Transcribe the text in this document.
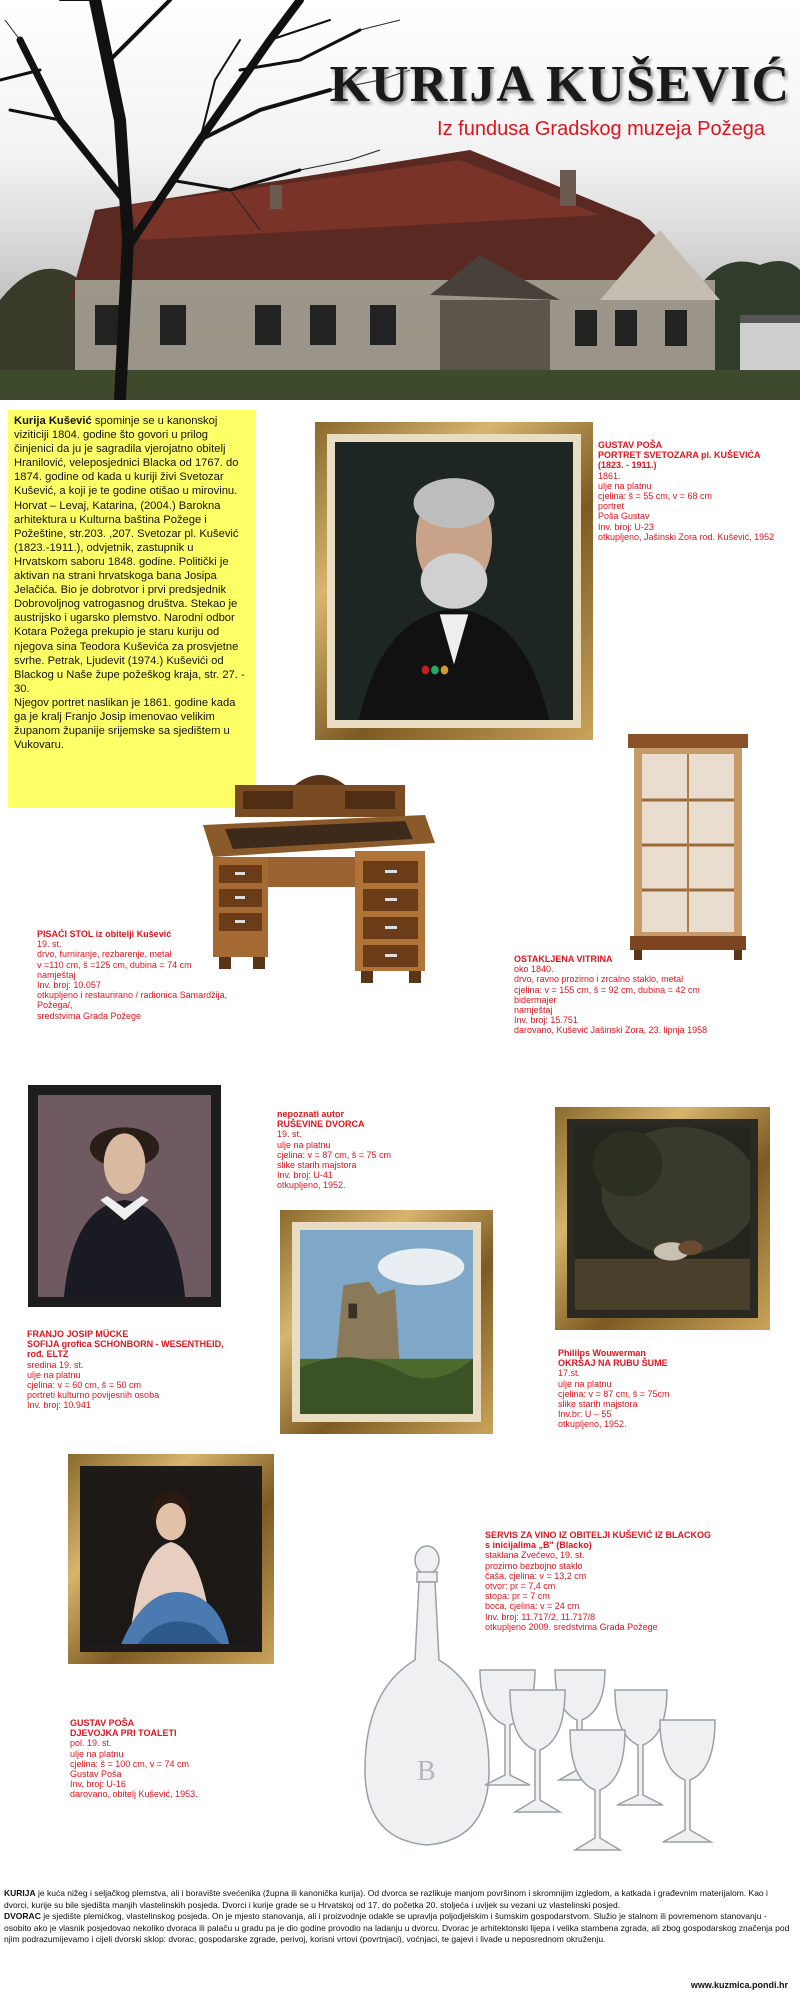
KURIJA KUŠEVIĆ
Iz fundusa Gradskog muzeja Požega
Kurija Kušević spominje se u kanonskoj viziticiji 1804. godine što govori u prilog činjenici da ju je sagradila vjerojatno obitelj Hranilović, veleposjednici Blacka od 1767. do 1874. godine od kada u kuriji živi Svetozar Kušević, a koji je te godine otišao u mirovinu. Horvat – Levaj, Katarina, (2004.) Barokna arhitektura u Kulturna baština Požege i Požeštine, str.203. ,207. Svetozar pl. Kušević (1823.-1911.), odvjetnik, zastupnik u Hrvatskom saboru 1848. godine. Politički je aktivan na strani hrvatskoga bana Josipa Jelačića. Bio je dobrotvor i prvi predsjednik Dobrovoljnog vatrogasnog društva. Stekao je austrijsko i ugarsko plemstvo. Narodni odbor Kotara Požega prekupio je staru kuriju od njegova sina Teodora Kuševića za prosvjetne svrhe. Petrak, Ljudevit (1974.) Kuševići od Blackog u Naše župe požeškog kraja, str. 27. - 30.
Njegov portret naslikan je 1861. godine kada ga je kralj Franjo Josip imenovao velikim
županom županije srijemske sa sjedištem u Vukovaru.
GUSTAV POŠA
PORTRET SVETOZARA pl. KUŠEVIĆA
(1823. - 1911.)
1861.
ulje na platnu
cjelina: š = 55 cm, v = 68 cm
portret
Poša Gustav
Inv. broj: U-23
otkupljeno, Jašinski Zora rod. Kušević, 1952
PISAĆI STOL iz obitelji Kušević
19. st.
drvo, furniranje, rezbarenje, metal
v =110 cm, š =125 cm, dubina = 74 cm
namještaj
Inv. broj: 10.057
otkupljeno i restaurirano / radionica Samardžija,
Požega/,
sredstvima Grada Požege
OSTAKLJENA VITRINA
oko 1840.
drvo, ravno prozirno i zrcalno staklo, metal
cjelina: v = 155 cm, š = 92 cm, dubina = 42 cm
bidermajer
namještaj
Inv. broj: 15.751
darovano, Kušević Jašinski Zora, 23. lipnja 1958
FRANJO JOSIP MÜCKE
SOFIJA grofica SCHONBORN - WESENTHEID,
rođ. ELTZ
sredina 19. st.
ulje na platnu
cjelina: v = 60 cm, š = 50 cm
portreti kulturno povijesnih osoba
Inv. broj: 10.941
nepoznati autor
RUŠEVINE DVORCA
19. st.
ulje na platnu
cjelina: v = 87 cm, š = 75 cm
slike starih majstora
Inv. broj: U-41
otkupljeno, 1952.
Phililps Wouwerman
OKRŠAJ NA RUBU ŠUME
17.st.
ulje na platnu
cjelina: v = 87 cm, š = 75cm
slike starih majstora
Inv.br: U – 55
otkupljeno, 1952.
GUSTAV POŠA
DJEVOJKA PRI TOALETI
pol. 19. st.
ulje na platnu
cjelina: š = 100 cm, v = 74 cm
Gustav Poša
Inv. broj: U-16
darovano, obitelj Kušević, 1953.
SERVIS ZA VINO IZ OBITELJI KUŠEVIĆ IZ BLACKOG
s inicijalima „B" (Blacko)
staklana Zvečevo, 19. st.
prozirno bezbojno staklo
čaša, cjelina: v = 13,2 cm
otvor: pr = 7,4 cm
stopa: pr = 7 cm
boca, cjelina: v = 24 cm
Inv. broj: 11.717/2, 11.717/8
otkupljeno 2009. sredstvima Grada Požege
B
KURIJA je kuća nižeg i seljačkog plemstva, ali i boravište svećenika (župna ili kanonička kurija). Od dvorca se razlikuje manjom površinom i skromnijim izgledom, a katkada i građevnim materijalom. Kao i dvorci, kurije su bile sjedišta manjih vlastelinskih posjeda. Dvorci i kurije grade se u Hrvatskoj od 17. do početka 20. stoljeća i uvijek su vezani uz vlastelinski posjed.
DVORAC je sjedište plemićkog, vlastelinskog posjeda. On je mjesto stanovanja, ali i proizvodnje odakle se upravlja poljodjelskim i šumskim gospodarstvom. Služio je stalnom ili povremenom stanovanju - osobito ako je vlasnik posjedovao nekoliko dvoraca ili palaču u gradu pa je dio godine provodio na ladanju u dvorcu. Dvorac je arhitektonski lijepa i velika stambena zgrada, ali zbog gospodarskog značenja pod njim podrazumijevamo i cijeli dvorski sklop: dvorac, gospodarske zgrade, perivoj, korisni vrtovi (povrtnjaci), voćnjaci, te gajevi i livade u neposrednom okruženju.
www.kuzmica.pondi.hr
